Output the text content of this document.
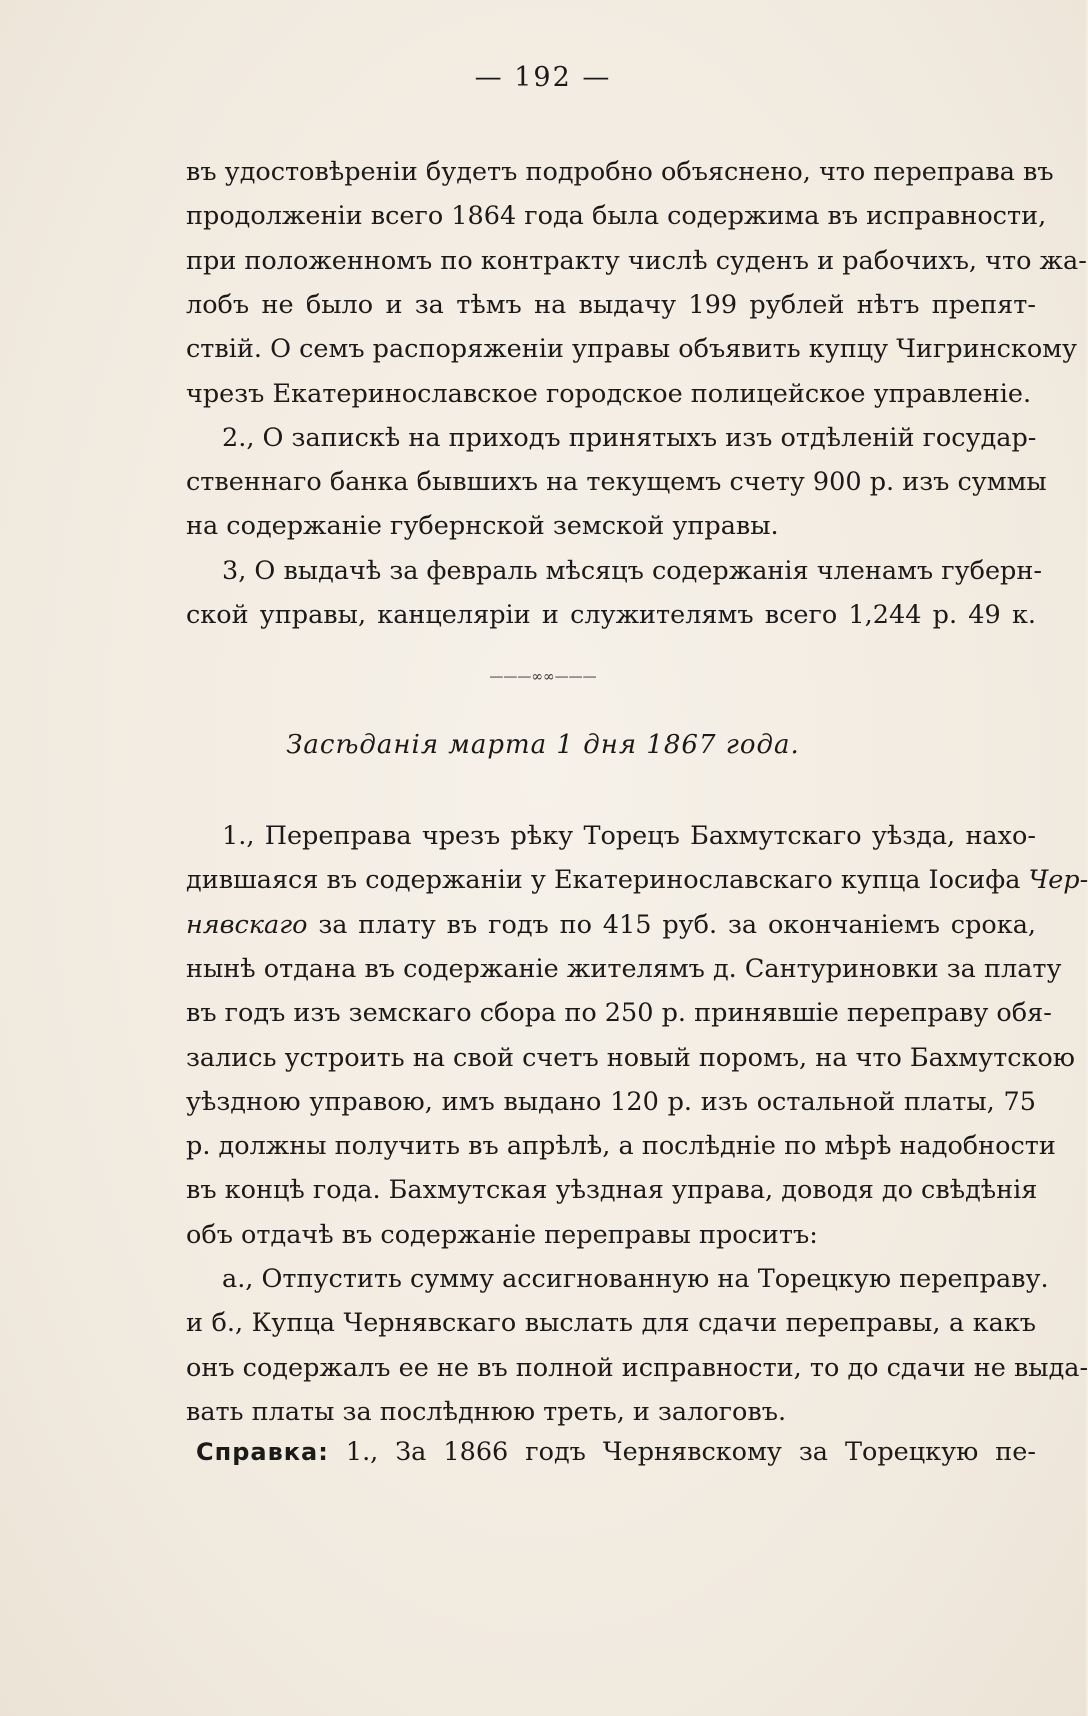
— 192 —
въ удостовѣреніи будетъ подробно объяснено, что переправа въ
продолженіи всего 1864 года была содержима въ исправности,
при положенномъ по контракту числѣ суденъ и рабочихъ, что жа-
лобъ не было и за тѣмъ на выдачу 199 рублей нѣтъ препят-
ствій. О семъ распоряженіи управы объявить купцу Чигринскому
чрезъ Екатеринославское городское полицейское управленіе.
2., О запискѣ на приходъ принятыхъ изъ отдѣленій государ-
ственнаго банка бывшихъ на текущемъ счету 900 р. изъ суммы
на содержаніе губернской земской управы.
3, О выдачѣ за февраль мѣсяцъ содержанія членамъ губерн-
ской управы, канцеляріи и служителямъ всего 1,244 р. 49 к.
———∞∞———
Засѣданія марта 1 дня 1867 года.
1., Переправа чрезъ рѣку Торецъ Бахмутскаго уѣзда, нахо-
дившаяся въ содержаніи у Екатеринославскаго купца Іосифа Чер-
нявскаго за плату въ годъ по 415 руб. за окончаніемъ срока,
нынѣ отдана въ содержаніе жителямъ д. Сантуриновки за плату
въ годъ изъ земскаго сбора по 250 р. принявшіе переправу обя-
зались устроить на свой счетъ новый поромъ, на что Бахмутскою
уѣздною управою, имъ выдано 120 р. изъ остальной платы, 75
р. должны получить въ апрѣлѣ, а послѣдніе по мѣрѣ надобности
въ концѣ года. Бахмутская уѣздная управа, доводя до свѣдѣнія
объ отдачѣ въ содержаніе переправы проситъ:
а., Отпустить сумму ассигнованную на Торецкую переправу.
и б., Купца Чернявскаго выслать для сдачи переправы, а какъ
онъ содержалъ ее не въ полной исправности, то до сдачи не выда-
вать платы за послѣднюю треть, и залоговъ.
Справка: 1., За 1866 годъ Чернявскому за Торецкую пе-
